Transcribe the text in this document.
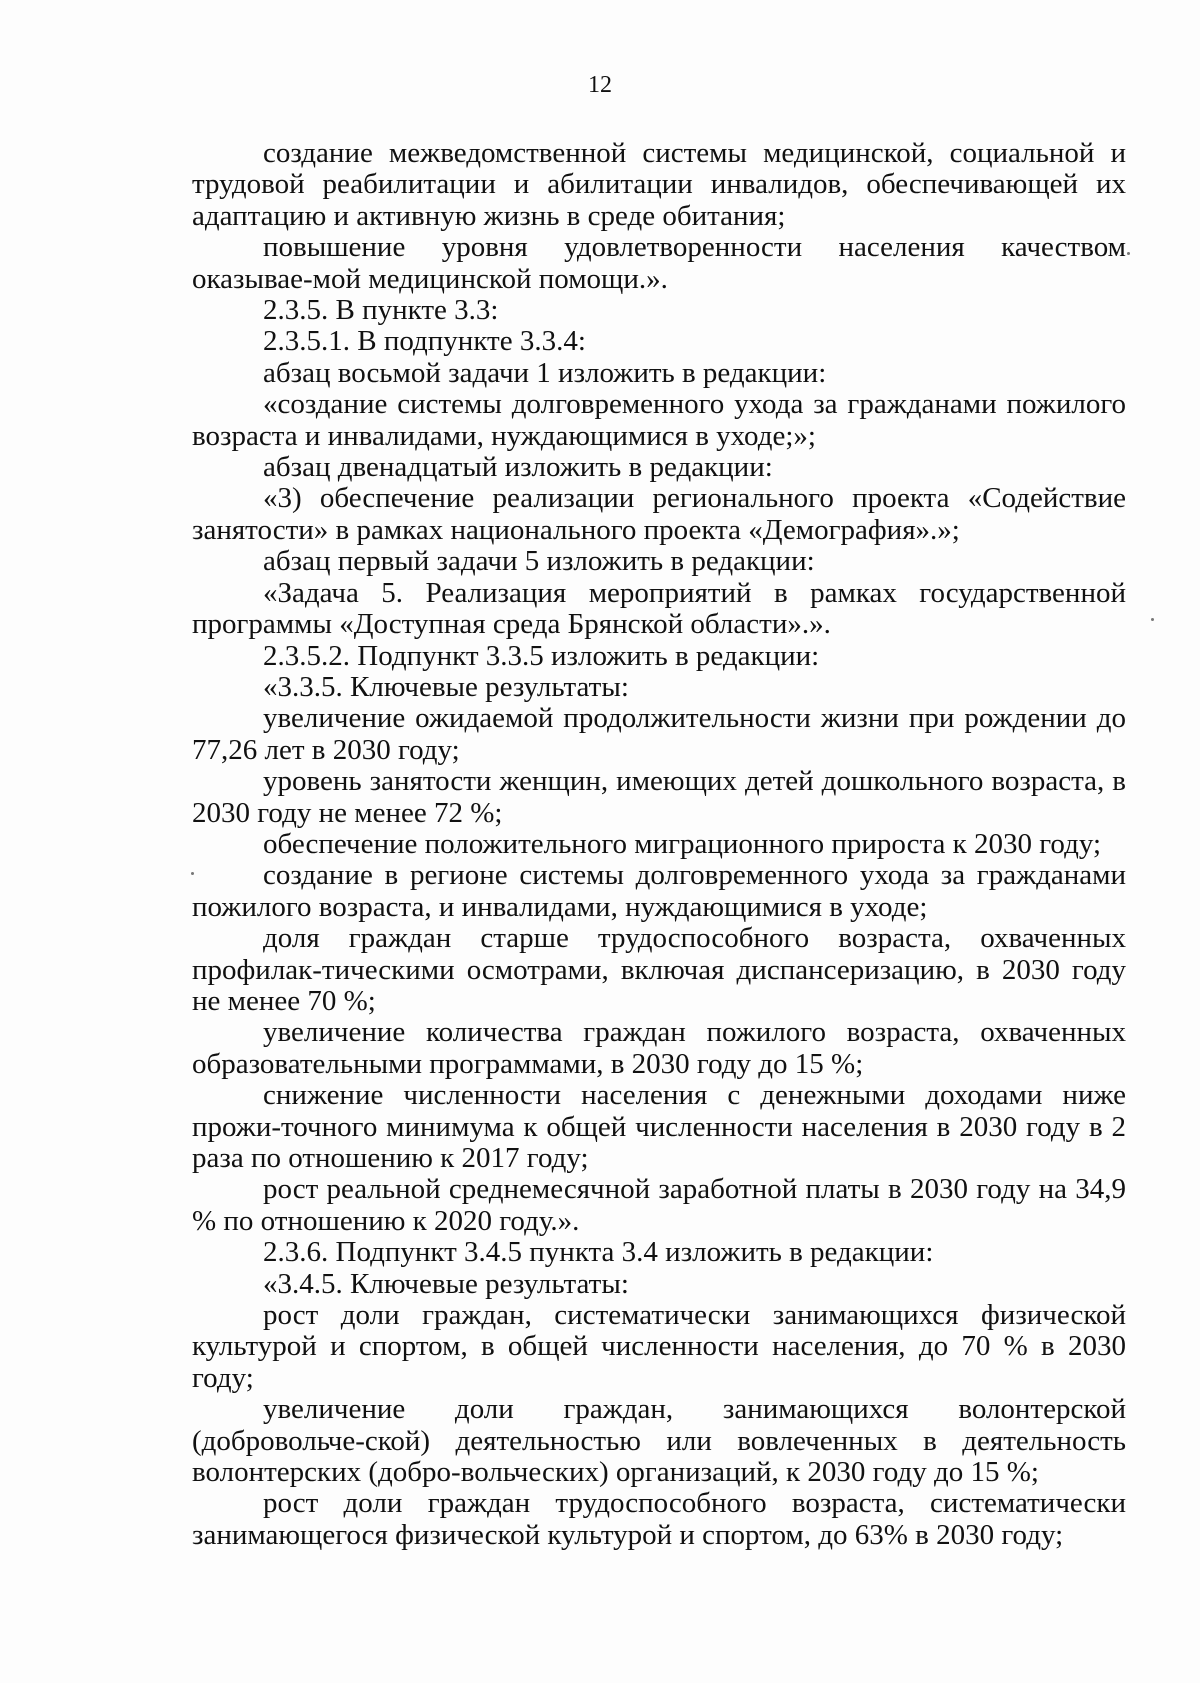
12

создание межведомственной системы медицинской, социальной и трудовой реабилитации и абилитации инвалидов, обеспечивающей их адаптацию и активную жизнь в среде обитания;

повышение уровня удовлетворенности населения качеством оказывае-мой медицинской помощи.».

2.3.5. В пункте 3.3:

2.3.5.1. В подпункте 3.3.4:

абзац восьмой задачи 1 изложить в редакции:

«создание системы долговременного ухода за гражданами пожилого возраста и инвалидами, нуждающимися в уходе;»;

абзац двенадцатый изложить в редакции:

«3) обеспечение реализации регионального проекта «Содействие занятости» в рамках национального проекта «Демография».»;

абзац первый задачи 5 изложить в редакции:

«Задача 5. Реализация мероприятий в рамках государственной программы «Доступная среда Брянской области».».

2.3.5.2. Подпункт 3.3.5 изложить в редакции:

«3.3.5. Ключевые результаты:

увеличение ожидаемой продолжительности жизни при рождении до 77,26 лет в 2030 году;

уровень занятости женщин, имеющих детей дошкольного возраста, в 2030 году не менее 72 %;

обеспечение положительного миграционного прироста к 2030 году;

создание в регионе системы долговременного ухода за гражданами пожилого возраста, и инвалидами, нуждающимися в уходе;

доля граждан старше трудоспособного возраста, охваченных профилак-тическими осмотрами, включая диспансеризацию, в 2030 году не менее 70 %;

увеличение количества граждан пожилого возраста, охваченных образовательными программами, в 2030 году до 15 %;

снижение численности населения с денежными доходами ниже прожи-точного минимума к общей численности населения в 2030 году в 2 раза по отношению к 2017 году;

рост реальной среднемесячной заработной платы в 2030 году на 34,9 % по отношению к 2020 году.».

2.3.6. Подпункт 3.4.5 пункта 3.4 изложить в редакции:

«3.4.5. Ключевые результаты:

рост доли граждан, систематически занимающихся физической культурой и спортом, в общей численности населения, до 70 % в 2030 году;

увеличение доли граждан, занимающихся волонтерской (добровольче-ской) деятельностью или вовлеченных в деятельность волонтерских (добро-вольческих) организаций, к 2030 году до 15 %;

рост доли граждан трудоспособного возраста, систематически занимающегося физической культурой и спортом, до 63% в 2030 году;
